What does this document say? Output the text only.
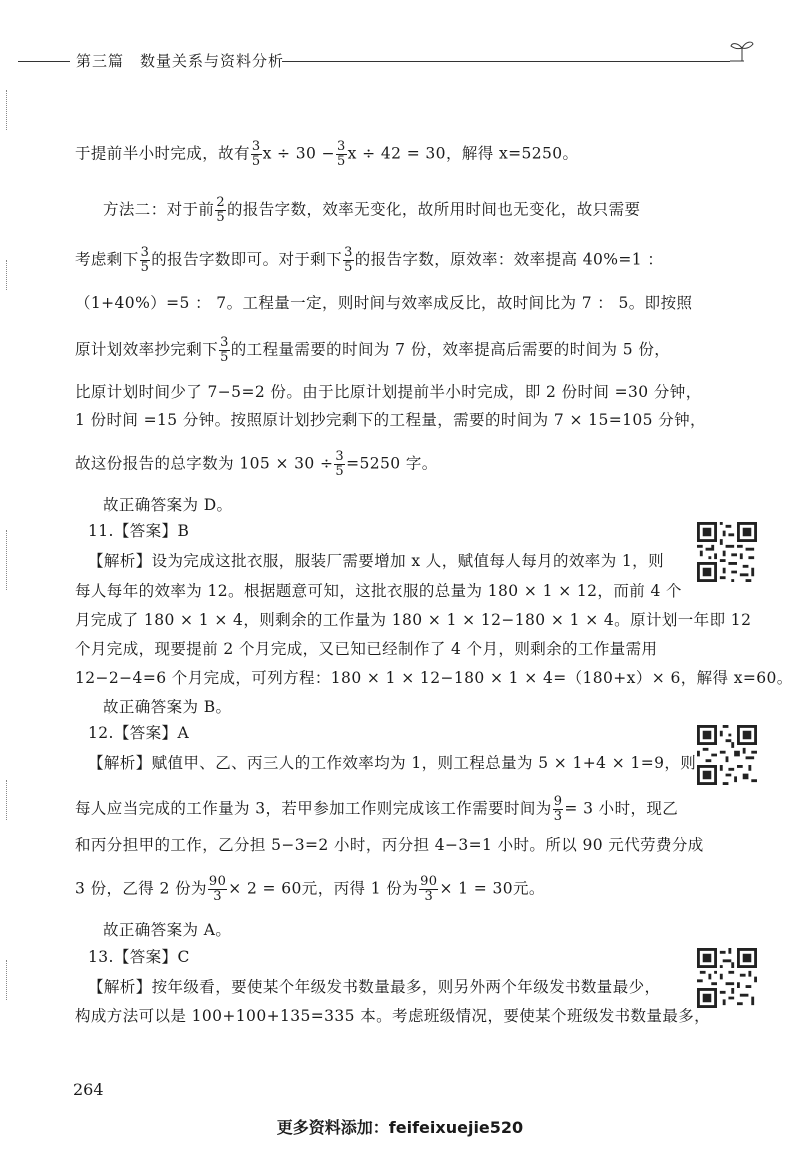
第三篇　数量关系与资料分析
于提前半小时完成，故有 $\frac{3}{5}$ $x \div 30 - \frac{3}{5}$ x ÷ 42 = 30，解得 x=5250。
方法二：对于前 $\frac{2}{5}$ 的报告字数，效率无变化，故所用时间也无变化，故只需要
考虑剩下 $\frac{3}{5}$ 的报告字数即可。对于剩下 $\frac{3}{5}$ 的报告字数，原效率：效率提高 40%=1 ：
（1+40%）=5 ： 7。工程量一定，则时间与效率成反比，故时间比为 7 ： 5。即按照
原计划效率抄完剩下 $\frac{3}{5}$ 的工程量需要的时间为 7 份，效率提高后需要的时间为 5 份，
比原计划时间少了 7−5=2 份。由于比原计划提前半小时完成，即 2 份时间 =30 分钟，
1 份时间 =15 分钟。按照原计划抄完剩下的工程量，需要的时间为 7 × 15=105 分钟，
故这份报告的总字数为 $105 \times 30 \div \frac{3}{5} =5250$ 字。
故正确答案为 D。
11.【答案】B
【解析】设为完成这批衣服，服装厂需要增加 x 人，赋值每人每月的效率为 1，则
每人每年的效率为 12。根据题意可知，这批衣服的总量为 180 × 1 × 12，而前 4 个
月完成了 180 × 1 × 4，则剩余的工作量为 180 × 1 × 12−180 × 1 × 4。原计划一年即 12
个月完成，现要提前 2 个月完成，又已知已经制作了 4 个月，则剩余的工作量需用
12−2−4=6 个月完成，可列方程：180 × 1 × 12−180 × 1 × 4=（180+x）× 6，解得 x=60。
故正确答案为 B。
12.【答案】A
【解析】赋值甲、乙、丙三人的工作效率均为 1，则工程总量为 5 × 1+4 × 1=9，则
每人应当完成的工作量为 3，若甲参加工作则完成该工作需要时间为 $\frac{9}{3} = 3$ 小时，现乙
和丙分担甲的工作，乙分担 5−3=2 小时，丙分担 4−3=1 小时。所以 90 元代劳费分成
3 份，乙得 2 份为 $\frac{90}{3} \times 2 = 60$元，丙得 1 份为 $\frac{90}{3} \times 1 = 30$元。
故正确答案为 A。
13.【答案】C
【解析】按年级看，要使某个年级发书数量最多，则另外两个年级发书数量最少，
构成方法可以是 100+100+135=335 本。考虑班级情况，要使某个班级发书数量最多，
264
更多资料添加：feifeixuejie520
